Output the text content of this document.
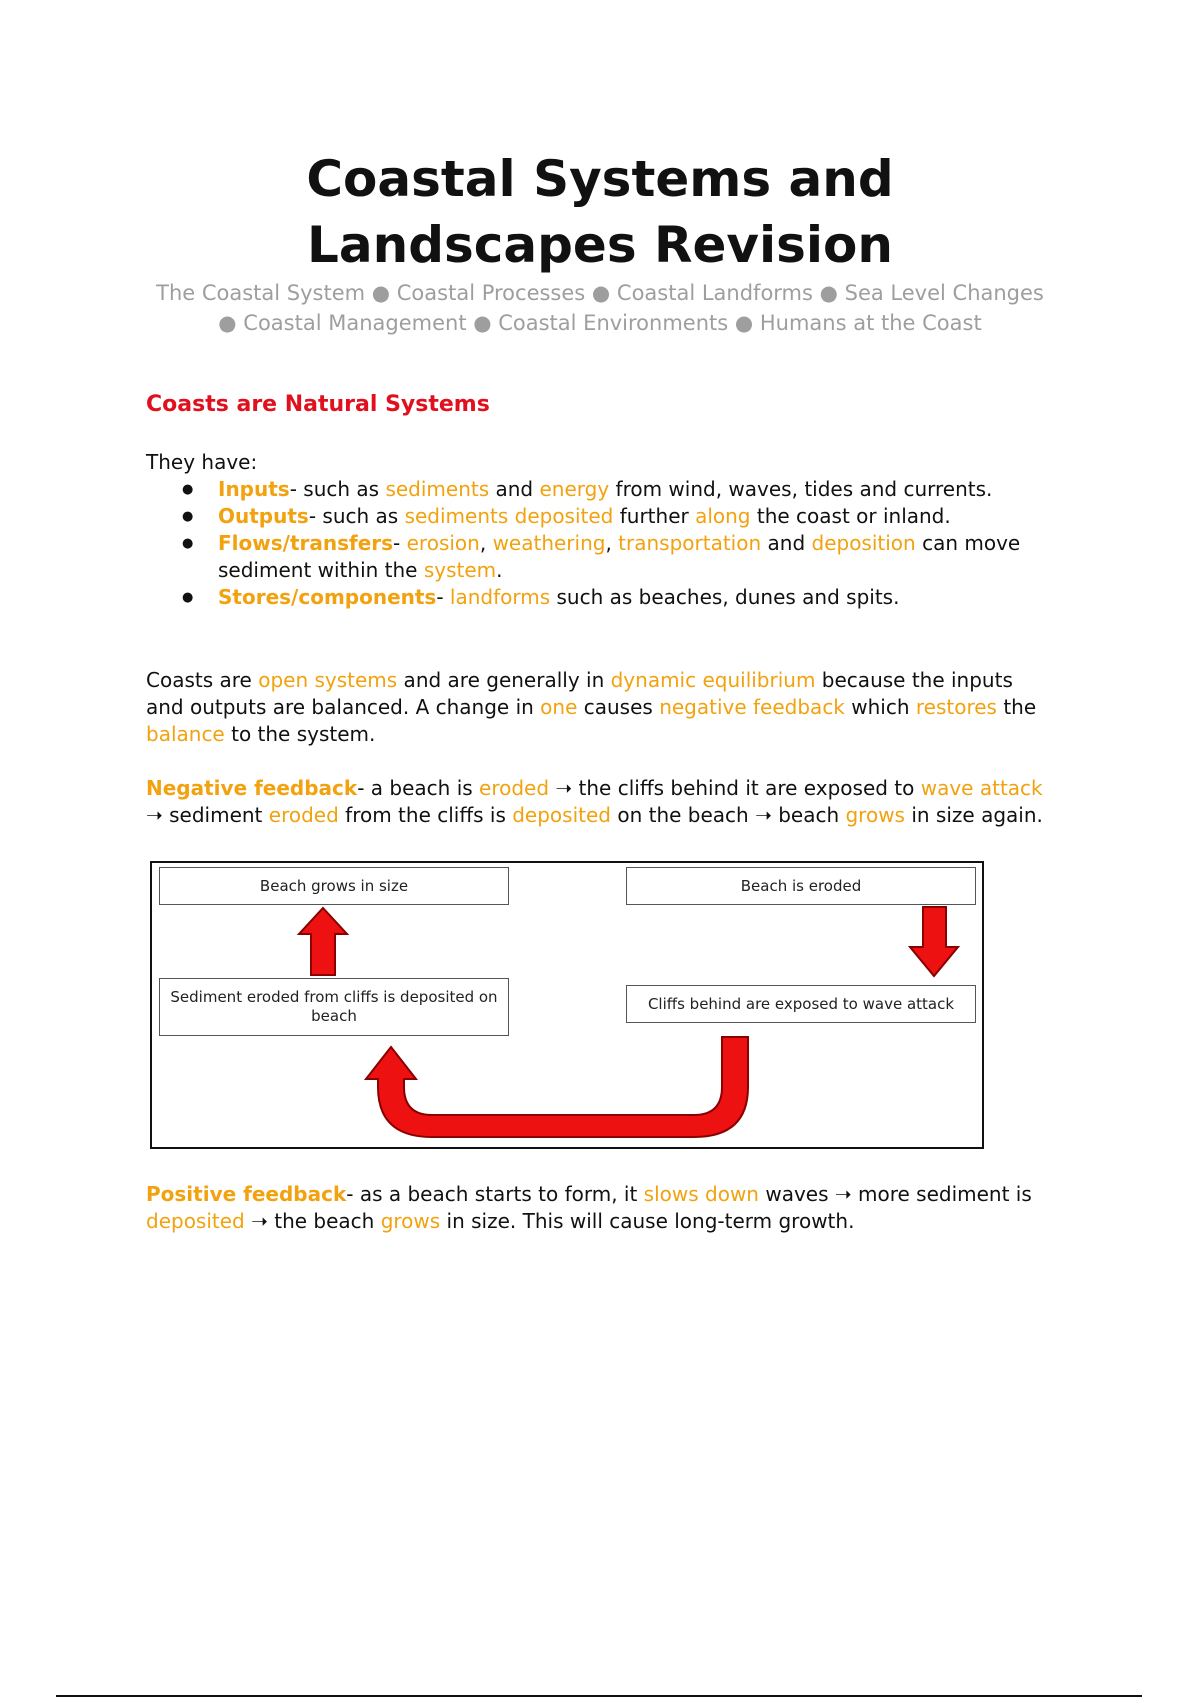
Coastal Systems and
Landscapes Revision
The Coastal System ● Coastal Processes ● Coastal Landforms ● Sea Level Changes ● Coastal Management ● Coastal Environments ● Humans at the Coast
Coasts are Natural Systems
They have:
● Inputs- such as sediments and energy from wind, waves, tides and currents.
● Outputs- such as sediments deposited further along the coast or inland.
● Flows/transfers- erosion, weathering, transportation and deposition can move sediment within the system.
● Stores/components- landforms such as beaches, dunes and spits.
Coasts are open systems and are generally in dynamic equilibrium because the inputs and outputs are balanced. A change in one causes negative feedback which restores the balance to the system.
Negative feedback- a beach is eroded ➝ the cliffs behind it are exposed to wave attack ➝ sediment eroded from the cliffs is deposited on the beach ➝ beach grows in size again.
Beach grows in size	Beach is eroded
Sediment eroded from cliffs is deposited on beach
Cliffs behind are exposed to wave attack
Positive feedback- as a beach starts to form, it slows down waves ➝ more sediment is deposited ➝ the beach grows in size. This will cause long-term growth.
